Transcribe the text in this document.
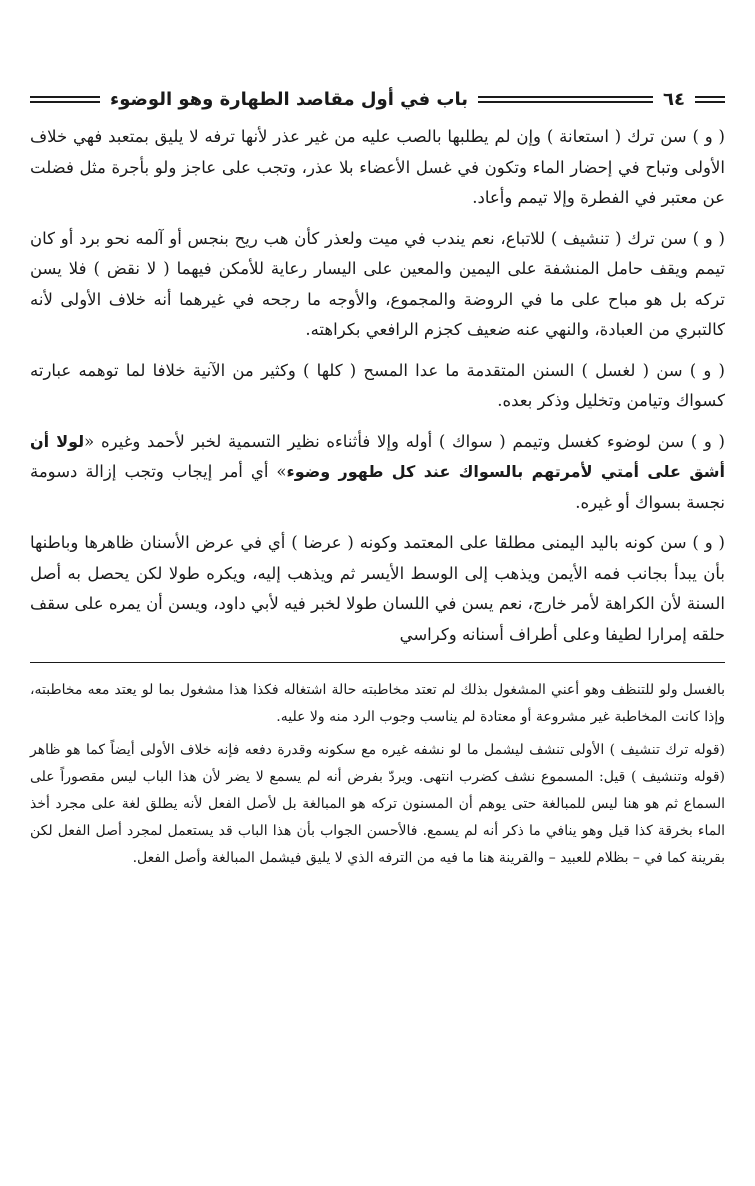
٦٤
باب في أول مقاصد الطهارة وهو الوضوء

( و ) سن ترك ( استعانة ) وإن لم يطلبها بالصب عليه من غير عذر لأنها ترفه لا يليق بمتعبد فهي خلاف الأولى وتباح في إحضار الماء وتكون في غسل الأعضاء بلا عذر، وتجب على عاجز ولو بأجرة مثل فضلت عن معتبر في الفطرة وإلا تيمم وأعاد.

( و ) سن ترك ( تنشيف ) للاتباع، نعم يندب في ميت ولعذر كأن هب ريح بنجس أو آلمه نحو برد أو كان تيمم ويقف حامل المنشفة على اليمين والمعين على اليسار رعاية للأمكن فيهما ( لا نقض ) فلا يسن تركه بل هو مباح على ما في الروضة والمجموع، والأوجه ما رجحه في غيرهما أنه خلاف الأولى لأنه كالتبري من العبادة، والنهي عنه ضعيف كجزم الرافعي بكراهته.

( و ) سن ( لغسل ) السنن المتقدمة ما عدا المسح ( كلها ) وكثير من الآنية خلافا لما توهمه عبارته كسواك وتيامن وتخليل وذكر بعده.

( و ) سن لوضوء كغسل وتيمم ( سواك ) أوله وإلا فأثناءه نظير التسمية لخبر لأحمد وغيره «لولا أن أشق على أمتي لأمرتهم بالسواك عند كل طهور وضوء» أي أمر إيجاب وتجب إزالة دسومة نجسة بسواك أو غيره.

( و ) سن كونه باليد اليمنى مطلقا على المعتمد وكونه ( عرضا ) أي في عرض الأسنان ظاهرها وباطنها بأن يبدأ بجانب فمه الأيمن ويذهب إلى الوسط الأيسر ثم ويذهب إليه، ويكره طولا لكن يحصل به أصل السنة لأن الكراهة لأمر خارج، نعم يسن في اللسان طولا لخبر فيه لأبي داود، ويسن أن يمره على سقف حلقه إمرارا لطيفا وعلى أطراف أسنانه وكراسي

بالغسل ولو للتنظف وهو أعني المشغول بذلك لم تعتد مخاطبته حالة اشتغاله فكذا هذا مشغول بما لو يعتد معه مخاطبته، وإذا كانت المخاطبة غير مشروعة أو معتادة لم يناسب وجوب الرد منه ولا عليه.

(قوله ترك تنشيف ) الأولى تنشف ليشمل ما لو نشفه غيره مع سكونه وقدرة دفعه فإنه خلاف الأولى أيضاً كما هو ظاهر (قوله وتنشيف ) قيل: المسموع نشف كضرب انتهى. ويردّ بفرض أنه لم يسمع لا يضر لأن هذا الباب ليس مقصوراً على السماع ثم هو هنا ليس للمبالغة حتى يوهم أن المسنون تركه هو المبالغة بل لأصل الفعل لأنه يطلق لغة على مجرد أخذ الماء بخرقة كذا قيل وهو ينافي ما ذكر أنه لم يسمع. فالأحسن الجواب بأن هذا الباب قد يستعمل لمجرد أصل الفعل لكن بقرينة كما في – بظلام للعبيد – والقرينة هنا ما فيه من الترفه الذي لا يليق فيشمل المبالغة وأصل الفعل.
